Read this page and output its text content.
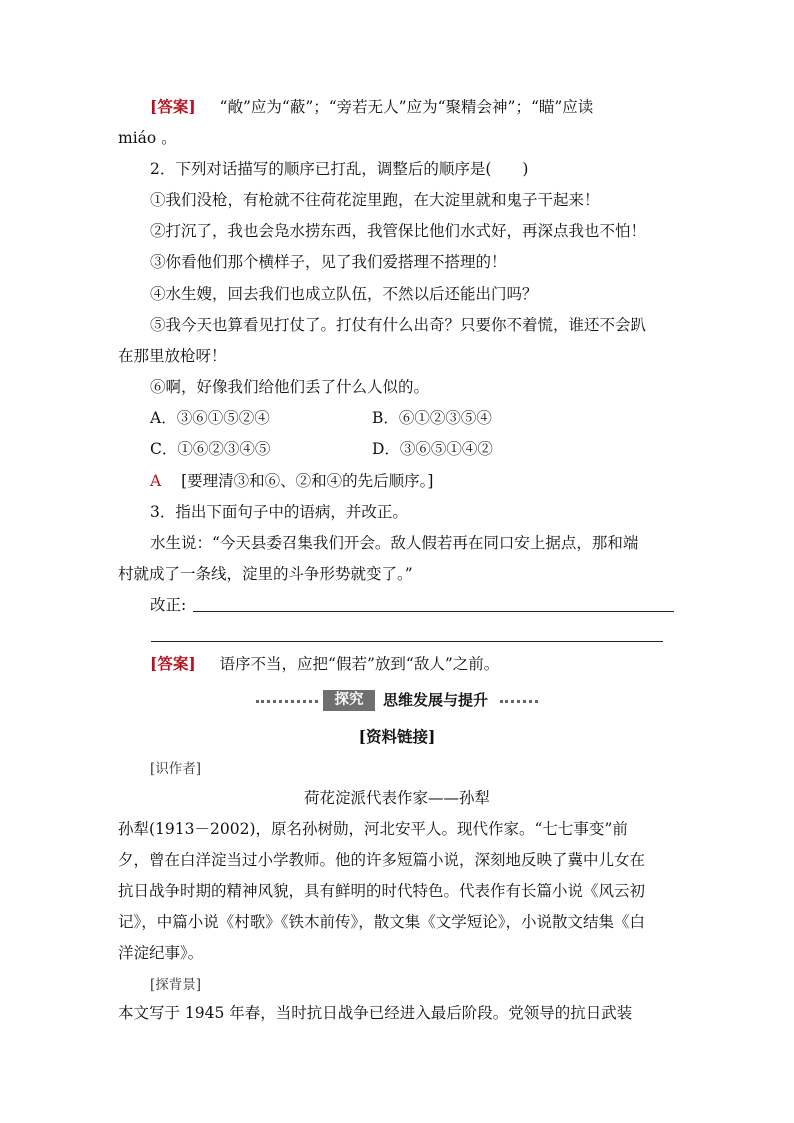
[答案] “敞”应为“蔽”；“旁若无人”应为“聚精会神”；“瞄”应读
miáo 。
2．下列对话描写的顺序已打乱，调整后的顺序是(　　)
①我们没枪，有枪就不往荷花淀里跑，在大淀里就和鬼子干起来！
②打沉了，我也会凫水捞东西，我管保比他们水式好，再深点我也不怕！
③你看他们那个横样子，见了我们爱搭理不搭理的！
④水生嫂，回去我们也成立队伍，不然以后还能出门吗？
⑤我今天也算看见打仗了。打仗有什么出奇？只要你不着慌，谁还不会趴
在那里放枪呀！
⑥啊，好像我们给他们丢了什么人似的。
A．③⑥①⑤②④	B．⑥①②③⑤④
C．①⑥②③④⑤	D．③⑥⑤①④②
A [要理清③和⑥、②和④的先后顺序。]
3．指出下面句子中的语病，并改正。
水生说：“今天县委召集我们开会。敌人假若再在同口安上据点，那和端
村就成了一条线，淀里的斗争形势就变了。”
改正:
[答案] 语序不当，应把“假若”放到“敌人”之前。
探究	思维发展与提升
[资料链接]
[识作者]
荷花淀派代表作家——孙犁
孙犁(1913－2002)，原名孙树勋，河北安平人。现代作家。“七七事变”前
夕，曾在白洋淀当过小学教师。他的许多短篇小说，深刻地反映了冀中儿女在
抗日战争时期的精神风貌，具有鲜明的时代特色。代表作有长篇小说《风云初
记》，中篇小说《村歌》《铁木前传》，散文集《文学短论》，小说散文结集《白
洋淀纪事》。
[探背景]
本文写于 1945 年春，当时抗日战争已经进入最后阶段。党领导的抗日武装
